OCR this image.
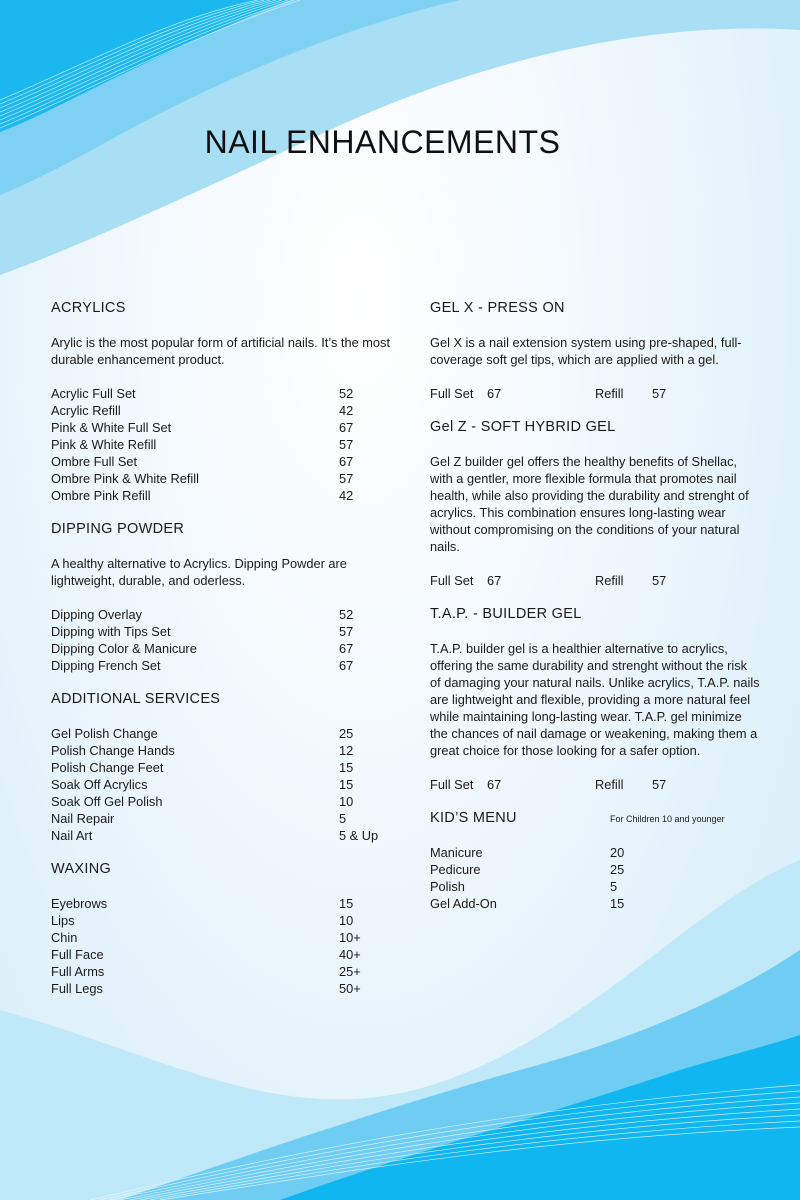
NAIL ENHANCEMENTS
ACRYLICS
Arylic is the most popular form of artificial nails. It’s the most durable enhancement product.
Acrylic Full Set	52
Acrylic Refill	42
Pink & White Full Set	67
Pink & White Refill	57
Ombre Full Set	67
Ombre Pink & White Refill	57
Ombre Pink Refill	42
DIPPING POWDER
A healthy alternative to Acrylics. Dipping Powder are lightweight, durable, and oderless.
Dipping Overlay	52
Dipping with Tips Set	57
Dipping Color & Manicure	67
Dipping French Set	67
ADDITIONAL SERVICES
Gel Polish Change	25
Polish Change Hands	12
Polish Change Feet	15
Soak Off Acrylics	15
Soak Off Gel Polish	10
Nail Repair	5
Nail Art	5 & Up
WAXING
Eyebrows	15
Lips	10
Chin	10+
Full Face	40+
Full Arms	25+
Full Legs	50+
GEL X - PRESS ON
Gel X is a nail extension system using pre-shaped, full-coverage soft gel tips, which are applied with a gel.
Full Set 67	Refill 57
Gel Z - SOFT HYBRID GEL
Gel Z builder gel offers the healthy benefits of Shellac, with a gentler, more flexible formula that promotes nail health, while also providing the durability and strenght of acrylics. This combination ensures long-lasting wear without compromising on the conditions of your natural nails.
Full Set 67	Refill 57
T.A.P. - BUILDER GEL
T.A.P. builder gel is a healthier alternative to acrylics, offering the same durability and strenght without the risk of damaging your natural nails. Unlike acrylics, T.A.P. nails are lightweight and flexible, providing a more natural feel while maintaining long-lasting wear. T.A.P. gel minimize the chances of nail damage or weakening, making them a great choice for those looking for a safer option.
Full Set 67	Refill 57
KID’S MENU	For Children 10 and younger
Manicure	20
Pedicure	25
Polish	5
Gel Add-On	15
